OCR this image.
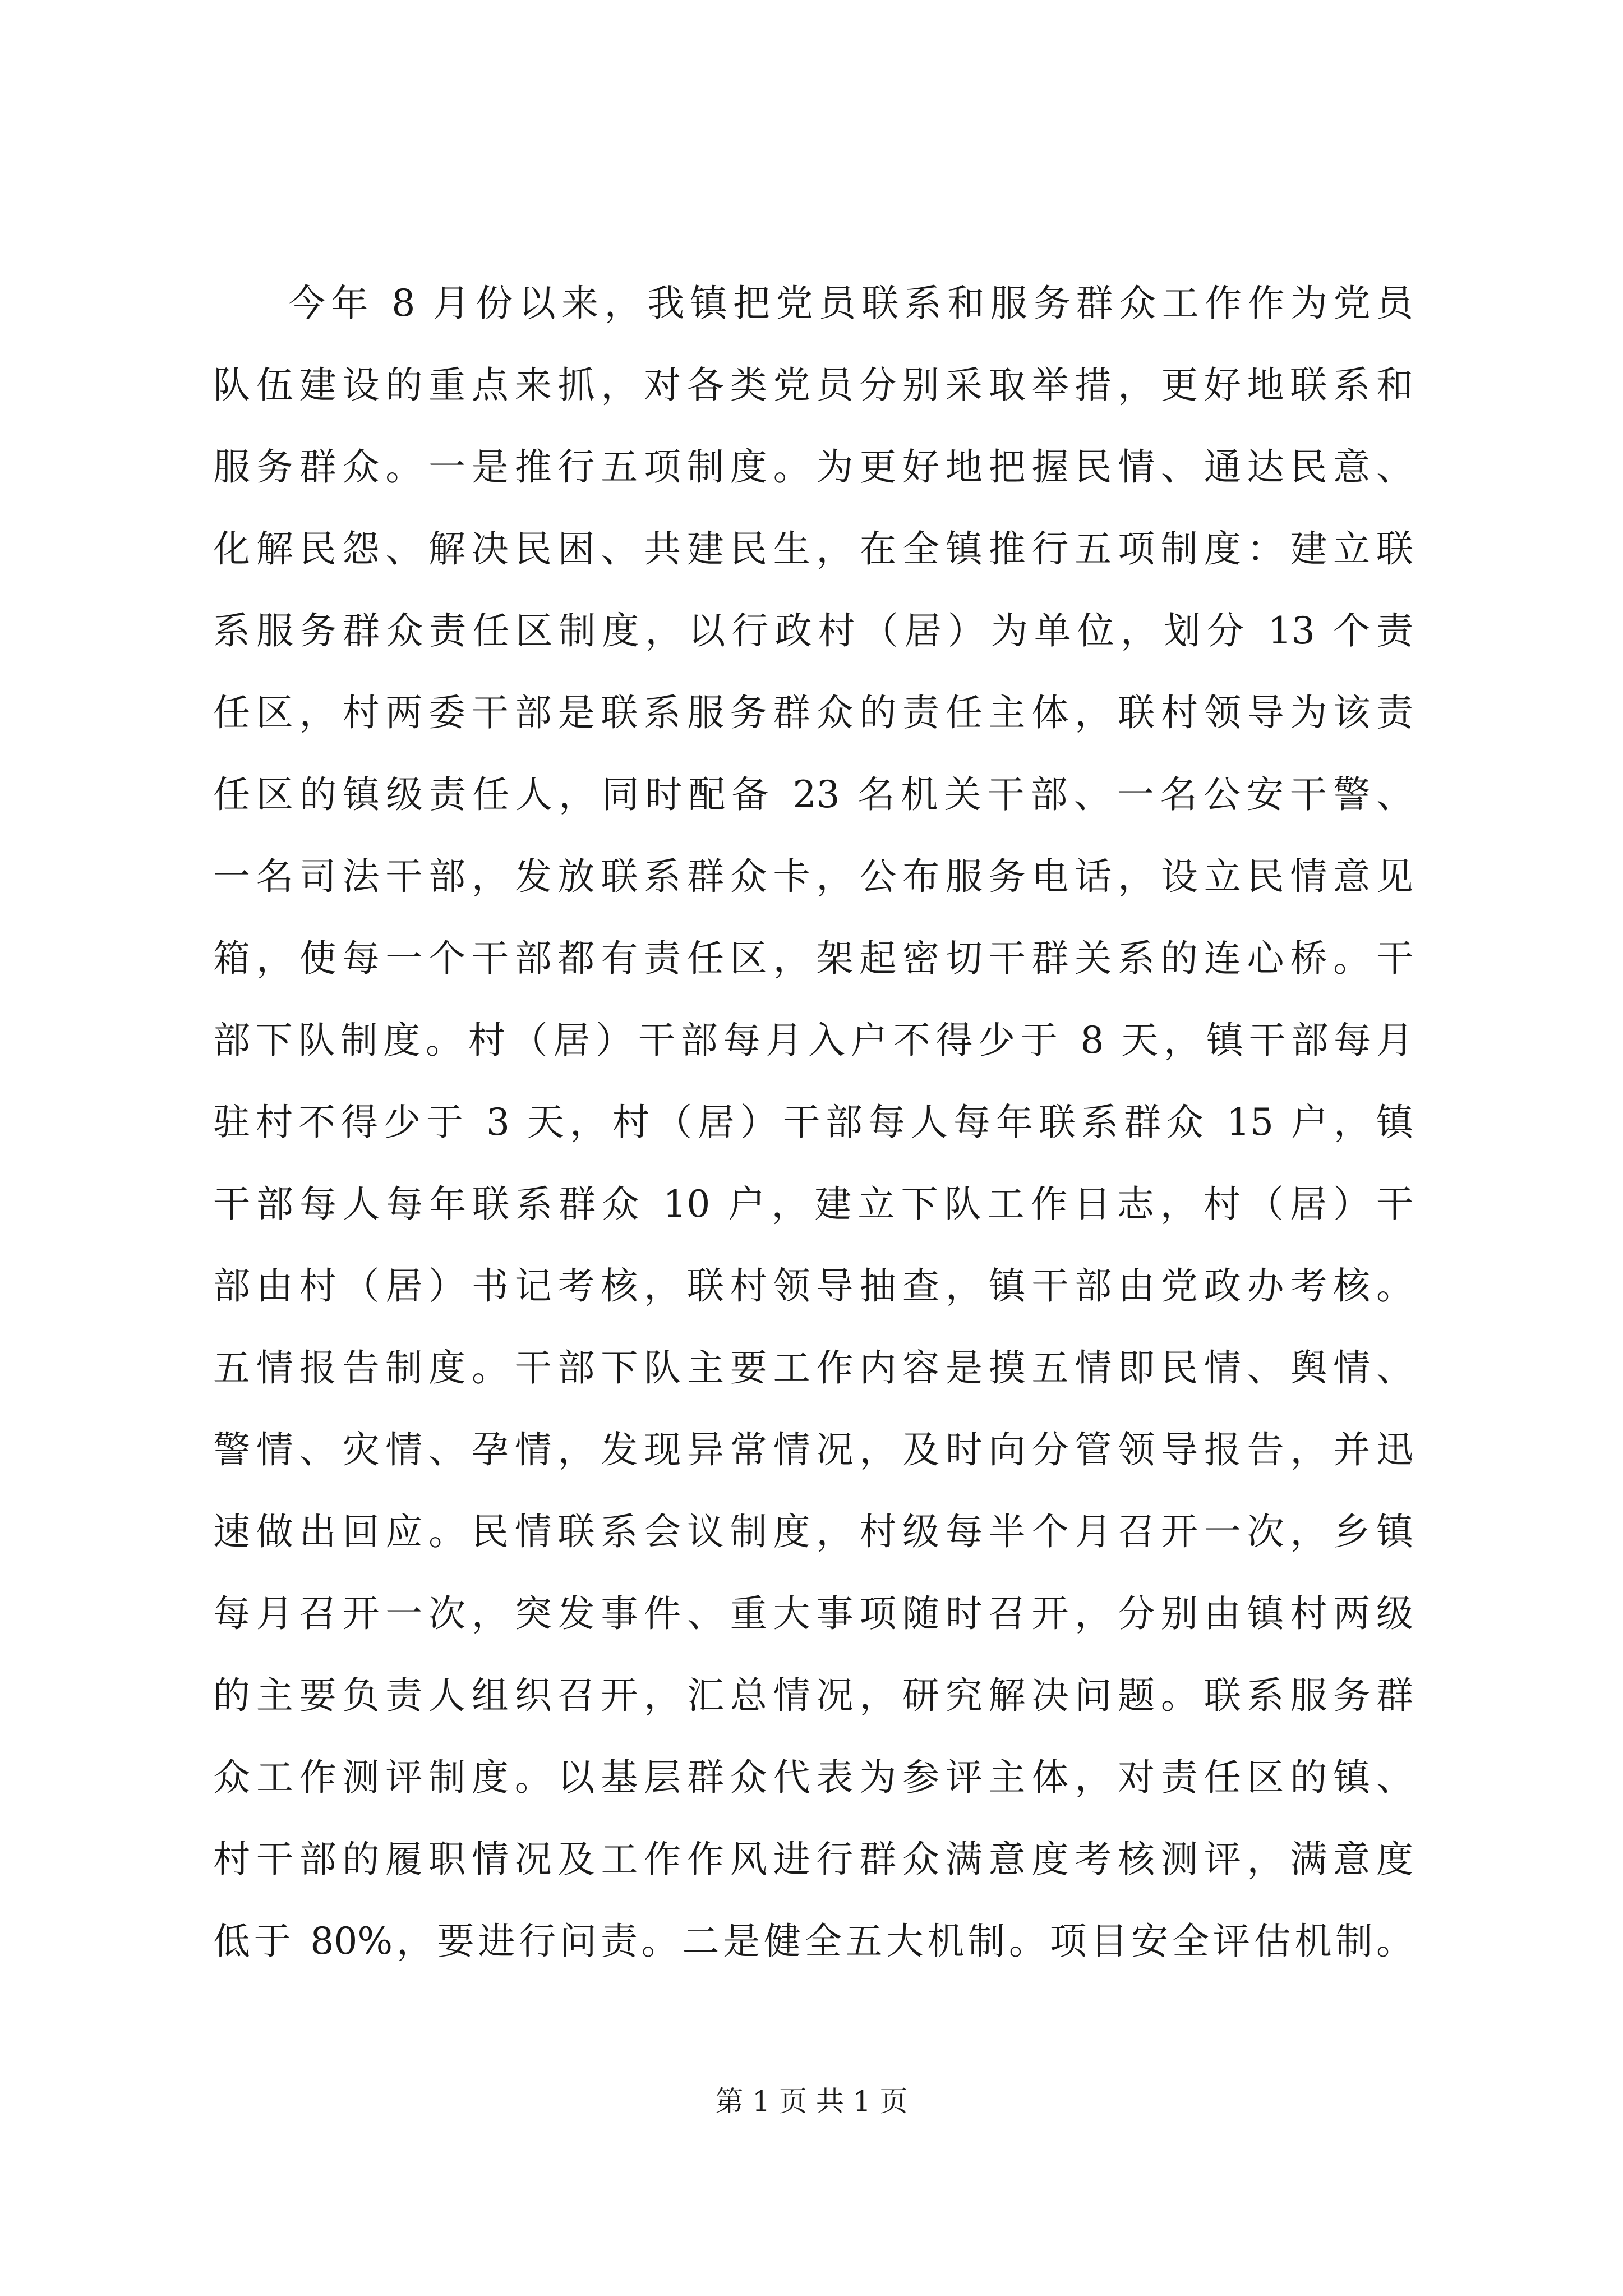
今年 8 月份以来，我镇把党员联系和服务群众工作作为党员
队伍建设的重点来抓，对各类党员分别采取举措，更好地联系和
服务群众。一是推行五项制度。为更好地把握民情、通达民意、
化解民怨、解决民困、共建民生，在全镇推行五项制度：建立联
系服务群众责任区制度，以行政村（居）为单位，划分 13 个责
任区，村两委干部是联系服务群众的责任主体，联村领导为该责
任区的镇级责任人，同时配备 23 名机关干部、一名公安干警、
一名司法干部，发放联系群众卡，公布服务电话，设立民情意见
箱，使每一个干部都有责任区，架起密切干群关系的连心桥。干
部下队制度。村（居）干部每月入户不得少于 8 天，镇干部每月
驻村不得少于 3 天，村（居）干部每人每年联系群众 15 户，镇
干部每人每年联系群众 10 户，建立下队工作日志，村（居）干
部由村（居）书记考核，联村领导抽查，镇干部由党政办考核。
五情报告制度。干部下队主要工作内容是摸五情即民情、舆情、
警情、灾情、孕情，发现异常情况，及时向分管领导报告，并迅
速做出回应。民情联系会议制度，村级每半个月召开一次，乡镇
每月召开一次，突发事件、重大事项随时召开，分别由镇村两级
的主要负责人组织召开，汇总情况，研究解决问题。联系服务群
众工作测评制度。以基层群众代表为参评主体，对责任区的镇、
村干部的履职情况及工作作风进行群众满意度考核测评，满意度
低于 80%，要进行问责。二是健全五大机制。项目安全评估机制。
第 1 页 共 1 页
